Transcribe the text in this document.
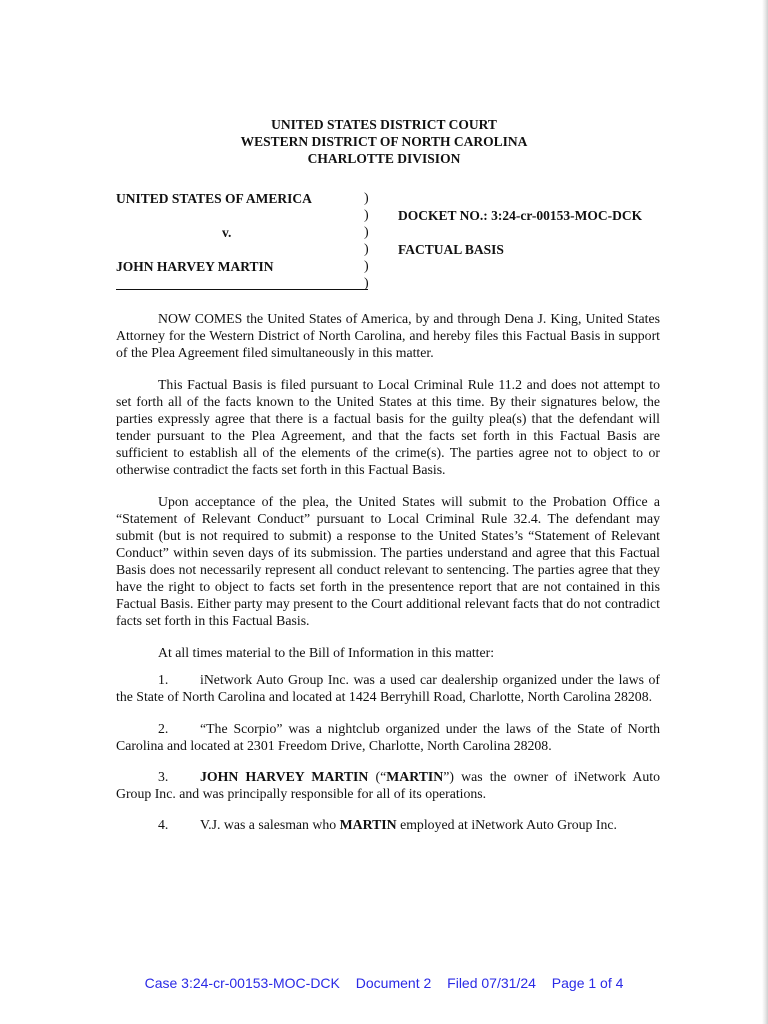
UNITED STATES DISTRICT COURT
WESTERN DISTRICT OF NORTH CAROLINA
CHARLOTTE DIVISION
UNITED STATES OF AMERICA
v.
JOHN HARVEY MARTIN
)
)
)
)
)
)
DOCKET NO.: 3:24-cr-00153-MOC-DCK
FACTUAL BASIS

NOW COMES the United States of America, by and through Dena J. King, United States Attorney for the Western District of North Carolina, and hereby files this Factual Basis in support of the Plea Agreement filed simultaneously in this matter.

This Factual Basis is filed pursuant to Local Criminal Rule 11.2 and does not attempt to set forth all of the facts known to the United States at this time. By their signatures below, the parties expressly agree that there is a factual basis for the guilty plea(s) that the defendant will tender pursuant to the Plea Agreement, and that the facts set forth in this Factual Basis are sufficient to establish all of the elements of the crime(s). The parties agree not to object to or otherwise contradict the facts set forth in this Factual Basis.

Upon acceptance of the plea, the United States will submit to the Probation Office a “Statement of Relevant Conduct” pursuant to Local Criminal Rule 32.4. The defendant may submit (but is not required to submit) a response to the United States’s “Statement of Relevant Conduct” within seven days of its submission. The parties understand and agree that this Factual Basis does not necessarily represent all conduct relevant to sentencing. The parties agree that they have the right to object to facts set forth in the presentence report that are not contained in this Factual Basis. Either party may present to the Court additional relevant facts that do not contradict facts set forth in this Factual Basis.

At all times material to the Bill of Information in this matter:

1. iNetwork Auto Group Inc. was a used car dealership organized under the laws of the State of North Carolina and located at 1424 Berryhill Road, Charlotte, North Carolina 28208.

2. “The Scorpio” was a nightclub organized under the laws of the State of North Carolina and located at 2301 Freedom Drive, Charlotte, North Carolina 28208.

3. JOHN HARVEY MARTIN (“MARTIN”) was the owner of iNetwork Auto Group Inc. and was principally responsible for all of its operations.

4. V.J. was a salesman who MARTIN employed at iNetwork Auto Group Inc.

Case 3:24-cr-00153-MOC-DCK Document 2 Filed 07/31/24 Page 1 of 4
